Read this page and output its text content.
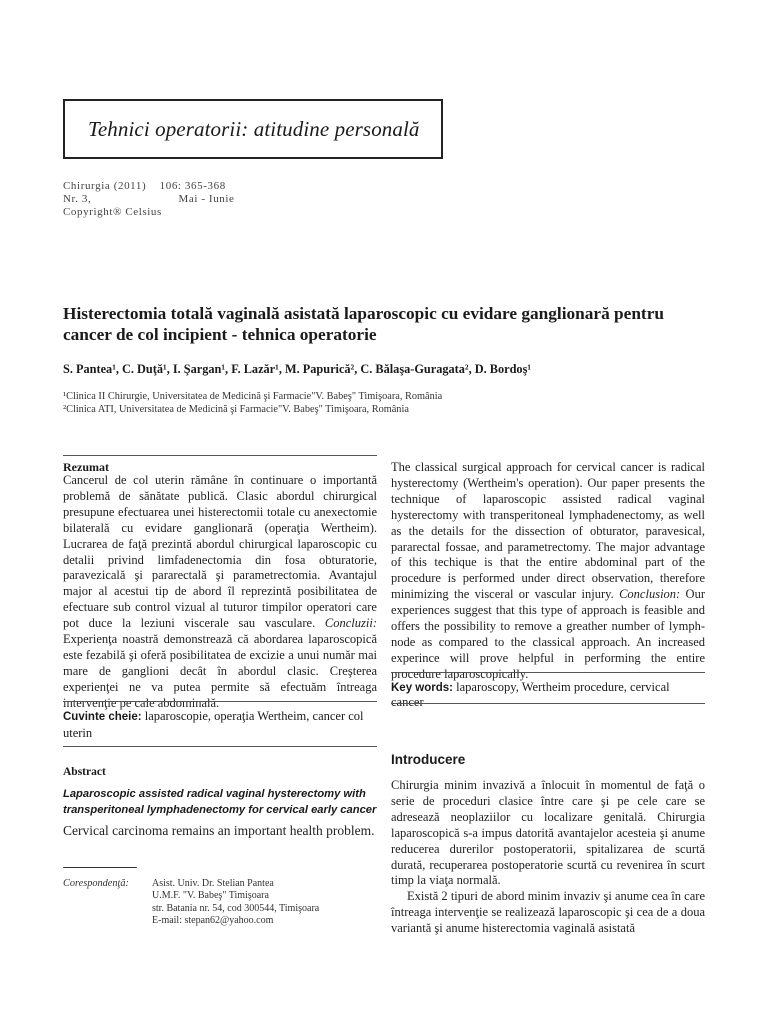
Tehnici operatorii: atitudine personală
Chirurgia (2011)    106: 365-368
Nr. 3,                          Mai - Iunie
Copyright® Celsius
Histerectomia totală vaginală asistată laparoscopic cu evidare ganglionară pentru cancer de col incipient - tehnica operatorie
S. Pantea¹, C. Duţă¹, I. Şargan¹, F. Lazăr¹, M. Papurică², C. Bălaşa-Guragata², D. Bordoş¹
¹Clinica II Chirurgie, Universitatea de Medicină şi Farmacie"V. Babeş" Timişoara, România
²Clinica ATI, Universitatea de Medicină şi Farmacie"V. Babeş" Timişoara, România
Rezumat
Cancerul de col uterin rămâne în continuare o importantă problemă de sănătate publică. Clasic abordul chirurgical presupune efectuarea unei histerectomii totale cu anexectomie bilaterală cu evidare ganglionară (operaţia Wertheim). Lucrarea de faţă prezintă abordul chirurgical laparoscopic cu detalii privind limfadenectomia din fosa obturatorie, paravezicală şi pararectală şi parametrectomia. Avantajul major al acestui tip de abord îl reprezintă posibilitatea de efectuare sub control vizual al tuturor timpilor operatori care pot duce la leziuni viscerale sau vasculare. Concluzii: Experienţa noastră demonstrează că abordarea laparoscopică este fezabilă şi oferă posibilitatea de excizie a unui număr mai mare de ganglioni decât în abordul clasic. Creşterea experienţei ne va putea permite să efectuăm întreaga intervenţie pe cale abdominală.
Cuvinte cheie: laparoscopie, operaţia Wertheim, cancer col uterin
Abstract
Laparoscopic assisted radical vaginal hysterectomy with transperitoneal lymphadenectomy for cervical early cancer
Cervical carcinoma remains an important health problem.
Corespondenţă: Asist. Univ. Dr. Stelian Pantea
U.M.F. "V. Babeş" Timişoara
str. Batania nr. 54, cod 300544, Timişoara
E-mail: stepan62@yahoo.com
The classical surgical approach for cervical cancer is radical hysterectomy (Wertheim's operation). Our paper presents the technique of laparoscopic assisted radical vaginal hysterectomy with transperitoneal lymphadenectomy, as well as the details for the dissection of obturator, paravesical, pararectal fossae, and parametrectomy. The major advantage of this techique is that the entire abdominal part of the procedure is performed under direct observation, therefore minimizing the visceral or vascular injury. Conclusion: Our experiences suggest that this type of approach is feasible and offers the possibility to remove a greather number of lymph-node as compared to the classical approach. An increased experince will prove helpful in performing the entire procedure laparoscopically.
Key words: laparoscopy, Wertheim procedure, cervical cancer
Introducere

Chirurgia minim invazivă a înlocuit în momentul de faţă o serie de proceduri clasice între care şi pe cele care se adresează neoplaziilor cu localizare genitală. Chirurgia laparoscopică s-a impus datorită avantajelor acesteia şi anume reducerea durerilor postoperatorii, spitalizarea de scurtă durată, recuperarea postoperatorie scurtă cu revenirea în scurt timp la viaţa normală.

Există 2 tipuri de abord minim invaziv şi anume cea în care întreaga intervenţie se realizează laparoscopic şi cea de a doua variantă şi anume histerectomia vaginală asistată
